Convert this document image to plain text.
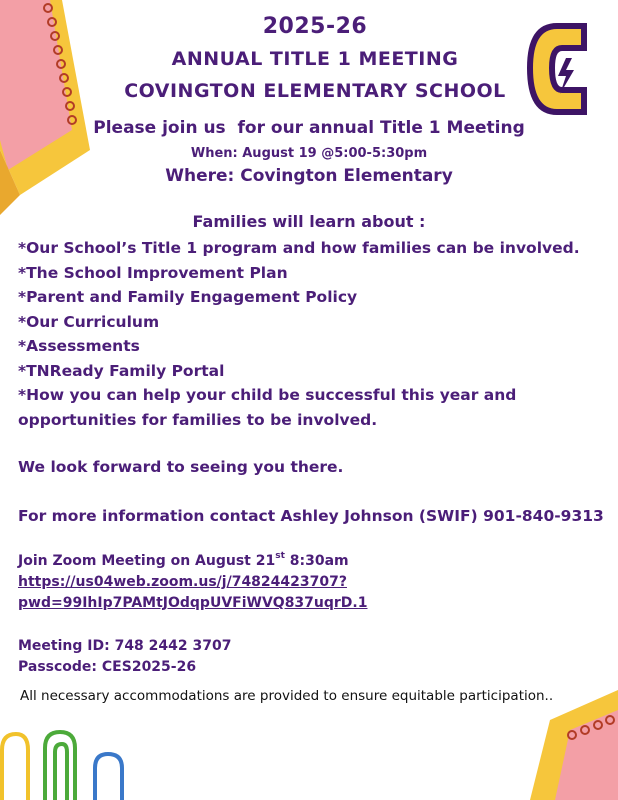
2025-26
ANNUAL TITLE 1 MEETING
COVINGTON ELEMENTARY SCHOOL
Please join us  for our annual Title 1 Meeting
When: August 19 @5:00-5:30pm
Where: Covington Elementary
Families will learn about :
*Our School’s Title 1 program and how families can be involved.
*The School Improvement Plan
*Parent and Family Engagement Policy
*Our Curriculum
*Assessments
*TNReady Family Portal
*How you can help your child be successful this year and
opportunities for families to be involved.
We look forward to seeing you there.
For more information contact Ashley Johnson (SWIF) 901-840-9313
Join Zoom Meeting on August 21st 8:30am
https://us04web.zoom.us/j/74824423707?
pwd=99IhIp7PAMtJOdqpUVFiWVQ837uqrD.1
Meeting ID: 748 2442 3707
Passcode: CES2025-26
All necessary accommodations are provided to ensure equitable participation..
